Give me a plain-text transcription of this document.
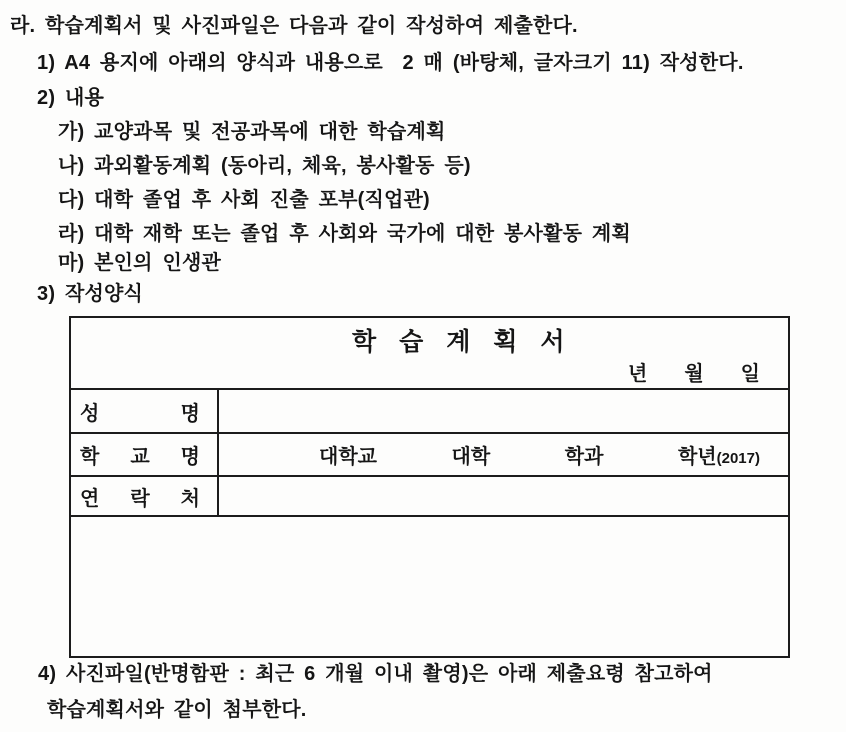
라. 학습계획서 및 사진파일은 다음과 같이 작성하여 제출한다.
1) A4 용지에 아래의 양식과 내용으로  2 매 (바탕체, 글자크기 11) 작성한다.
2) 내용
가) 교양과목 및 전공과목에 대한 학습계획
나) 과외활동계획 (동아리, 체육, 봉사활동 등)
다) 대학 졸업 후 사회 진출 포부(직업관)
라) 대학 재학 또는 졸업 후 사회와 국가에 대한 봉사활동 계획
마) 본인의 인생관
3) 작성양식
학 습 계 획 서
년 월 일
성	명
학 교 명	대학교	대학	학과	학년(2017)
연 락 처
4) 사진파일(반명함판 : 최근 6 개월 이내 촬영)은 아래 제출요령 참고하여
학습계획서와 같이 첨부한다.
